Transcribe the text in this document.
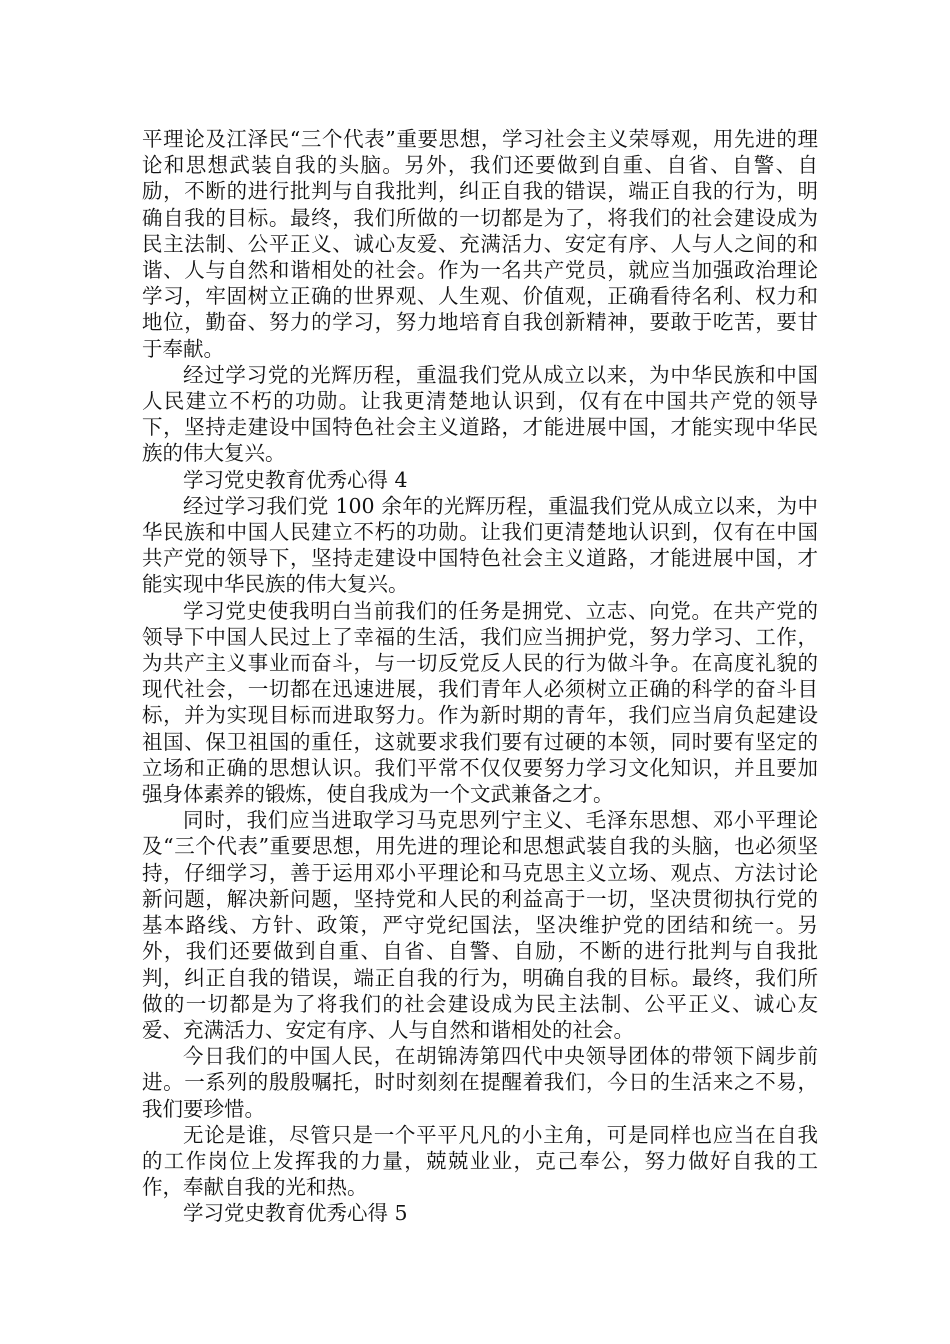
平理论及江泽民“三个代表”重要思想，学习社会主义荣辱观，用先进的理论和思想武装自我的头脑。另外，我们还要做到自重、自省、自警、自励，不断的进行批判与自我批判，纠正自我的错误，端正自我的行为，明确自我的目标。最终，我们所做的一切都是为了，将我们的社会建设成为民主法制、公平正义、诚心友爱、充满活力、安定有序、人与人之间的和谐、人与自然和谐相处的社会。作为一名共产党员，就应当加强政治理论学习，牢固树立正确的世界观、人生观、价值观，正确看待名利、权力和地位，勤奋、努力的学习，努力地培育自我创新精神，要敢于吃苦，要甘于奉献。

经过学习党的光辉历程，重温我们党从成立以来，为中华民族和中国人民建立不朽的功勋。让我更清楚地认识到，仅有在中国共产党的领导下，坚持走建设中国特色社会主义道路，才能进展中国，才能实现中华民族的伟大复兴。

学习党史教育优秀心得 4

经过学习我们党 100 余年的光辉历程，重温我们党从成立以来，为中华民族和中国人民建立不朽的功勋。让我们更清楚地认识到，仅有在中国共产党的领导下，坚持走建设中国特色社会主义道路，才能进展中国，才能实现中华民族的伟大复兴。

学习党史使我明白当前我们的任务是拥党、立志、向党。在共产党的领导下中国人民过上了幸福的生活，我们应当拥护党，努力学习、工作，为共产主义事业而奋斗，与一切反党反人民的行为做斗争。在高度礼貌的现代社会，一切都在迅速进展，我们青年人必须树立正确的科学的奋斗目标，并为实现目标而进取努力。作为新时期的青年，我们应当肩负起建设祖国、保卫祖国的重任，这就要求我们要有过硬的本领，同时要有坚定的立场和正确的思想认识。我们平常不仅仅要努力学习文化知识，并且要加强身体素养的锻炼，使自我成为一个文武兼备之才。

同时，我们应当进取学习马克思列宁主义、毛泽东思想、邓小平理论及“三个代表”重要思想，用先进的理论和思想武装自我的头脑，也必须坚持，仔细学习，善于运用邓小平理论和马克思主义立场、观点、方法讨论新问题，解决新问题，坚持党和人民的利益高于一切，坚决贯彻执行党的基本路线、方针、政策，严守党纪国法，坚决维护党的团结和统一。另外，我们还要做到自重、自省、自警、自励，不断的进行批判与自我批判，纠正自我的错误，端正自我的行为，明确自我的目标。最终，我们所做的一切都是为了将我们的社会建设成为民主法制、公平正义、诚心友爱、充满活力、安定有序、人与自然和谐相处的社会。

今日我们的中国人民，在胡锦涛第四代中央领导团体的带领下阔步前进。一系列的殷殷嘱托，时时刻刻在提醒着我们，今日的生活来之不易，我们要珍惜。

无论是谁，尽管只是一个平平凡凡的小主角，可是同样也应当在自我的工作岗位上发挥我的力量，兢兢业业，克己奉公，努力做好自我的工作，奉献自我的光和热。

学习党史教育优秀心得 5
